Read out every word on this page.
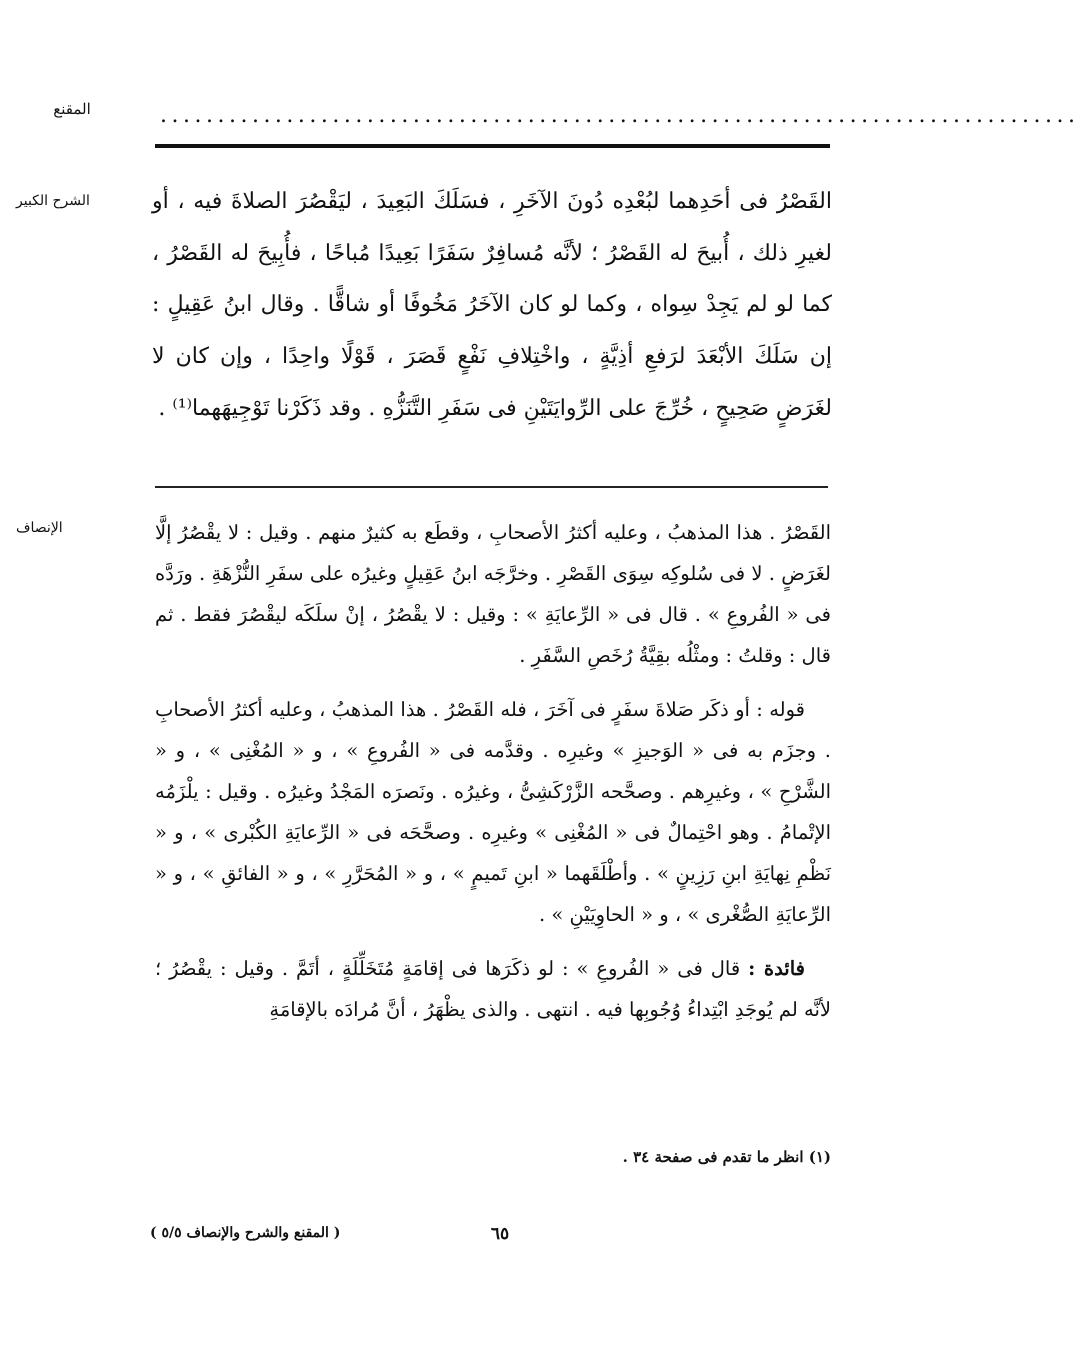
المقنع	................................................................................
الشرح الكبير	القَصْرُ فى أحَدِهما لبُعْدِه دُونَ الآخَرِ ، فسَلَكَ البَعِيدَ ، ليَقْصُرَ الصلاةَ فيه ، أو لغيرِ ذلك ، أُبيحَ له القَصْرُ ؛ لأنَّه مُسافِرٌ سَفَرًا بَعِيدًا مُباحًا ، فأُبِيحَ له القَصْرُ ، كما لو لم يَجِدْ سِواه ، وكما لو كان الآخَرُ مَخُوفًا أو شاقًّا . وقال ابنُ عَقِيلٍ : إن سَلَكَ الأبْعَدَ لرَفعِ أذِيَّةٍ ، واخْتِلافِ نَفْعٍ قَصَرَ ، قَوْلًا واحِدًا ، وإن كان لا لغَرَضٍ صَحِيحٍ ، خُرِّجَ على الرِّوايَتَيْنِ فى سَفَرِ التَّنَزُّهِ . وقد ذَكَرْنا تَوْجِيهَهما⁽¹⁾ .

الإنصاف	القَصْرُ . هذا المذهبُ ، وعليه أكثرُ الأصحابِ ، وقطَع به كثيرٌ منهم . وقيل : لا يقْصُرُ إلَّا لغَرَضٍ . لا فى سُلوكِه سِوَى القَصْرِ . وخرَّجَه ابنُ عَقِيلٍ وغيرُه على سفَرِ النُّزْهَةِ . ورَدَّه فى « الفُروعِ » . قال فى « الرِّعايَةِ » : وقيل : لا يقْصُرُ ، إنْ سلَكَه ليقْصُرَ فقط . ثم قال : وقلتُ : ومثْلُه بقِيَّةُ رُخَصِ السَّفَرِ .

قوله : أو ذكَر صَلاةَ سفَرٍ فى آخَرَ ، فله القَصْرُ . هذا المذهبُ ، وعليه أكثرُ الأصحابِ . وجزَم به فى « الوَجيزِ » وغيرِه . وقدَّمه فى « الفُروعِ » ، و « المُغْنِى » ، و « الشَّرْحِ » ، وغيرِهم . وصحَّحه الزَّرْكَشِىُّ ، وغيرُه . ونَصرَه المَجْدُ وغيرُه . وقيل : يلْزَمُه الإتْمامُ . وهو احْتِمالٌ فى « المُغْنِى » وغيرِه . وصحَّحَه فى « الرِّعايَةِ الكُبْرى » ، و « نَظْمِ نِهايَةِ ابنِ رَزِينٍ » . وأطْلَقَهما « ابنِ تَميمٍ » ، و « المُحَرَّرِ » ، و « الفائقِ » ، و « الرِّعايَةِ الصُّغْرى » ، و « الحاوِيَيْنِ » .

فائدة : قال فى « الفُروعِ » : لو ذكَرَها فى إقامَةٍ مُتَخَلِّلَةٍ ، أتَمَّ . وقيل : يقْصُرُ ؛ لأنَّه لم يُوجَدِ ابْتِداءُ وُجُوبِها فيه . انتهى . والذى يظْهَرُ ، أنَّ مُرادَه بالإقامَةِ

(١) انظر ما تقدم فى صفحة ٣٤ .
٦٥
( المقنع والشرح والإنصاف ٥/٥ )
